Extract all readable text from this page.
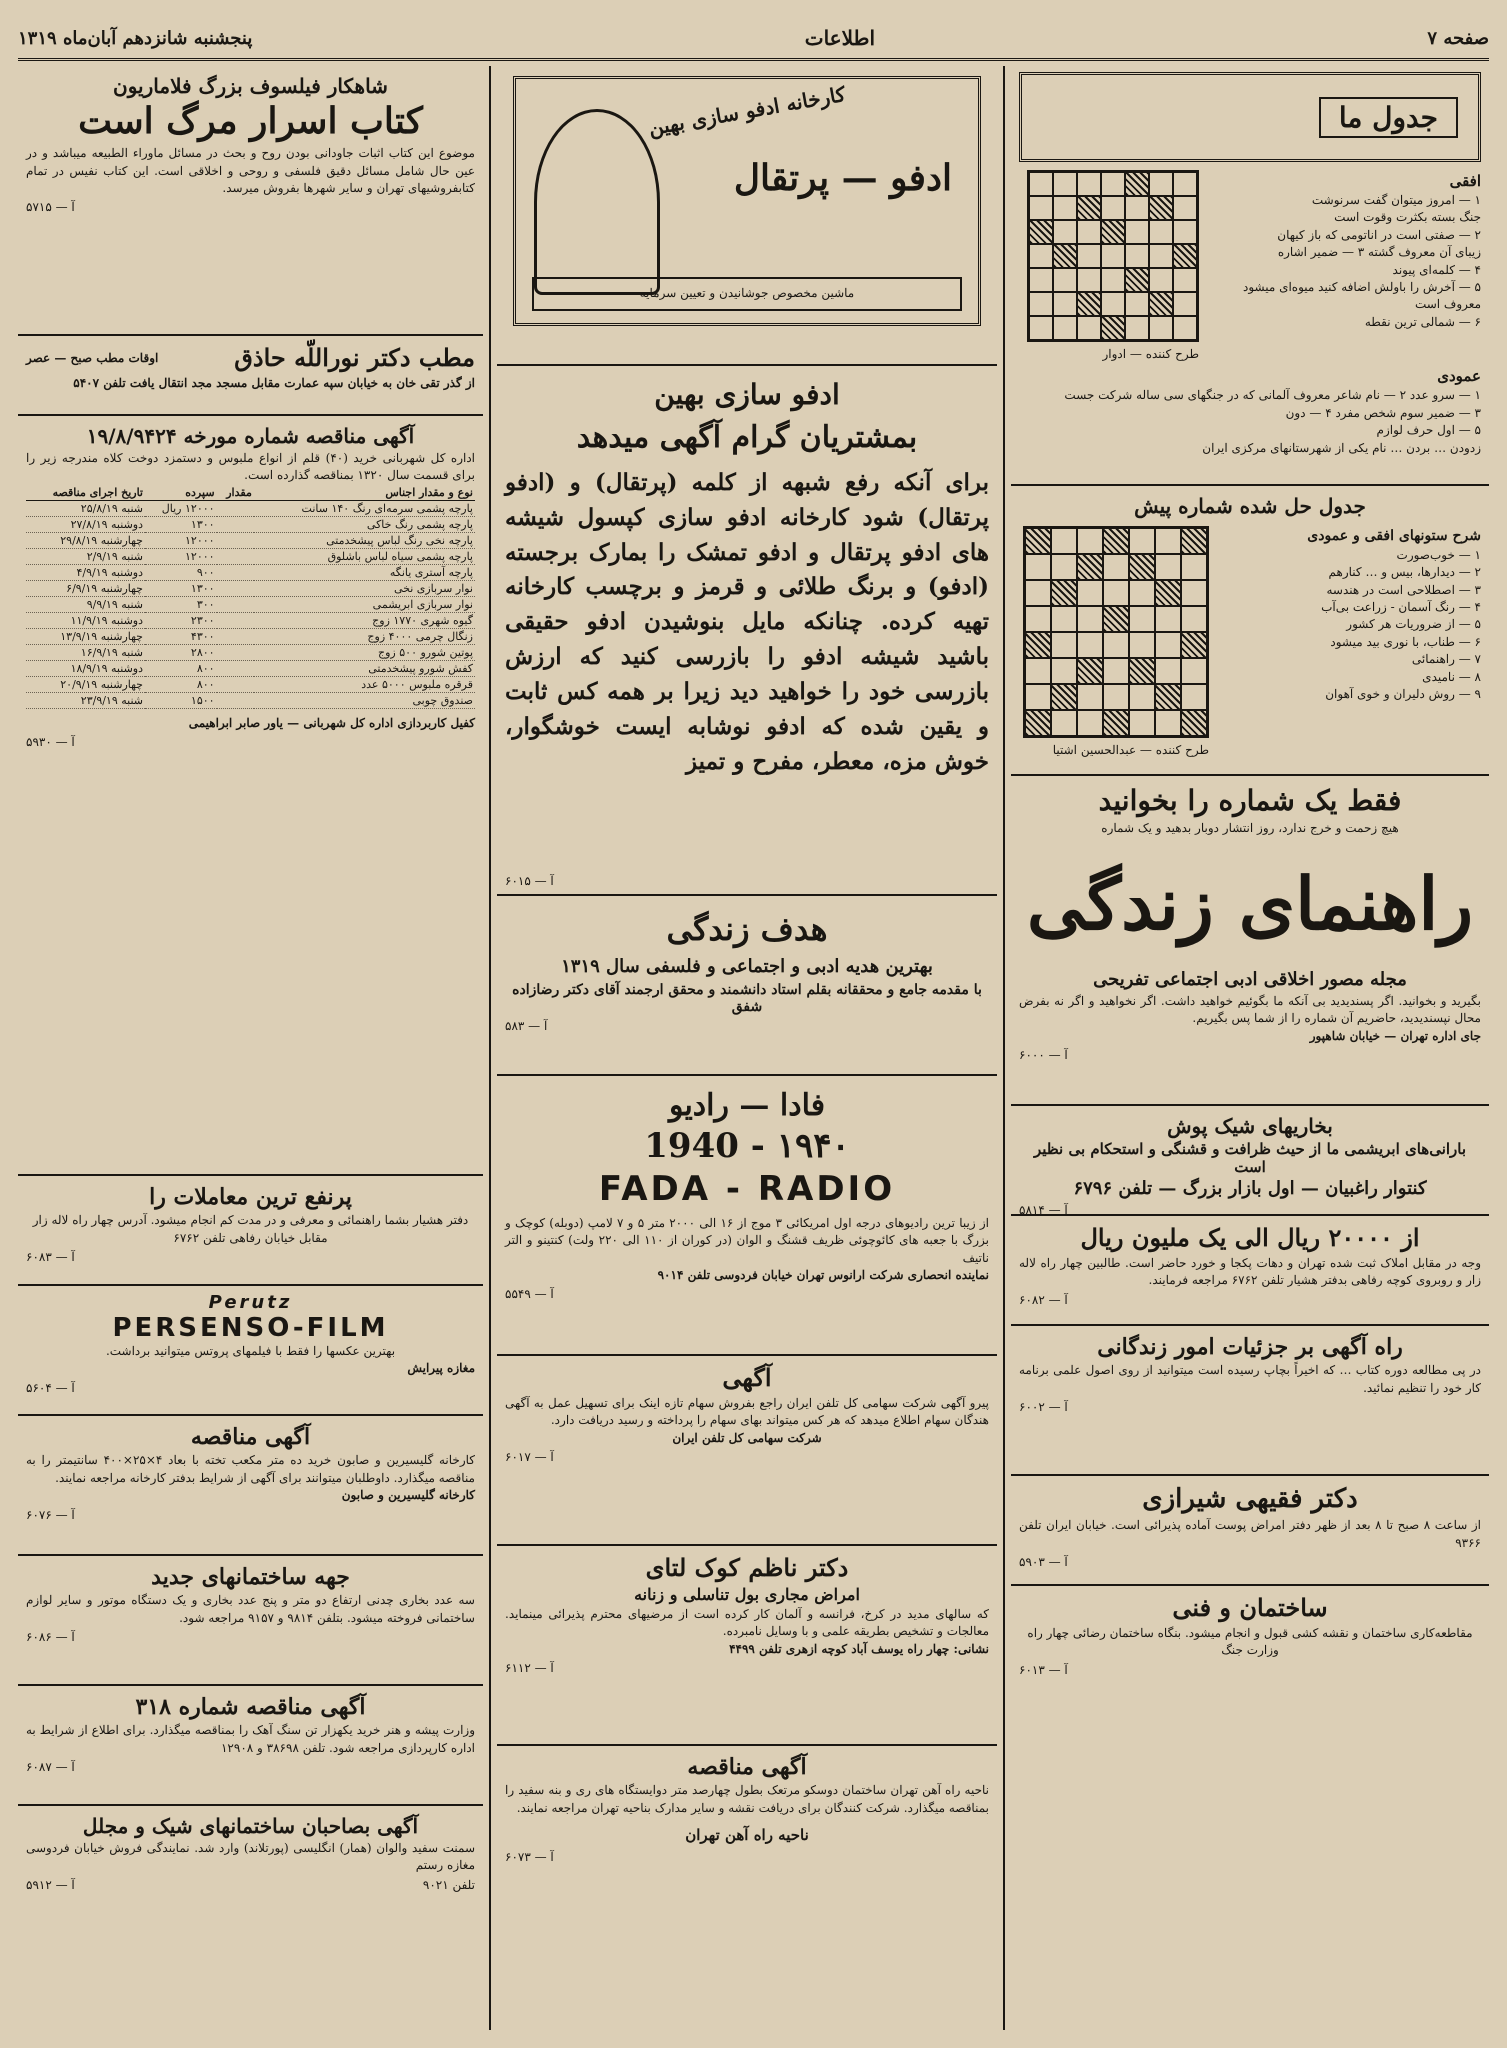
صفحه ۷
اطلاعات
پنجشنبه شانزدهم آبان‌ماه ۱۳۱۹
جدول ما
افقی
۱ — امروز میتوان گفت سرنوشت
جنگ بسته بکثرت وقوت است
۲ — صفتی است در اناتومی که باز کیهان
زیبای آن معروف گشته ۳ — ضمیر اشاره
۴ — کلمه‌ای پیوند
۵ — آخرش را باولش اضافه کنید میوه‌ای میشود
معروف است
۶ — شمالی ترین نقطه
طرح کننده — ادوار
عمودی
۱ — سرو عدد ۲ — نام شاعر معروف آلمانی که در جنگهای سی ساله شرکت جست
۳ — ضمیر سوم شخص مفرد ۴ — دون
۵ — اول حرف لوازم
زدودن … بردن … نام یکی از شهرستانهای مرکزی ایران
جدول حل شده شماره پیش
شرح ستونهای افقی و عمودی
۱ — خوب‌صورت
۲ — دیدارها، بیس و … کنارهم
۳ — اصطلاحی است در هندسه
۴ — رنگ آسمان - زراعت بی‌آب
۵ — از ضروریات هر کشور
۶ — طناب، با نوری بید میشود
۷ — راهنمائی
۸ — نامیدی
۹ — روش دلیران و خوی آهوان
طرح کننده — عبدالحسین اشتیا
فقط یک شماره را بخوانید
هیچ زحمت و خرج ندارد، روز انتشار دوبار بدهید و یک شماره
راهنمای زندگی
مجله مصور اخلاقی ادبی اجتماعی تفریحی
بگیرید و بخوانید. اگر پسندیدید بی آنکه ما بگوئیم خواهید داشت. اگر نخواهید و اگر نه بفرض محال نپسندیدید، حاضریم آن شماره را از شما پس بگیریم.
جای اداره تهران — خیابان شاهپور
آ — ۶۰۰۰
بخاریهای شیک پوش
بارانی‌های ابریشمی ما از حیث ظرافت و قشنگی و استحکام بی نظیر است
کنتوار راغبیان — اول بازار بزرگ — تلفن ۶۷۹۶
آ — ۵۸۱۴
از ۲۰۰۰۰ ریال الی یک ملیون ریال
وجه در مقابل املاک ثبت شده تهران و دهات پکجا و خورد حاضر است. طالبین چهار راه لاله زار و روبروی کوچه رفاهی بدفتر هشیار تلفن ۶۷۶۲ مراجعه فرمایند.
آ — ۶۰۸۲
راه آگهی بر جزئیات امور زندگانی
در پی مطالعه دوره کتاب … که اخیراً بچاپ رسیده است میتوانید از روی اصول علمی برنامه کار خود را تنظیم نمائید.
آ — ۶۰۰۲
دکتر فقیهی شیرازی
از ساعت ۸ صبح تا ۸ بعد از ظهر دفتر امراض پوست آماده پذیرائی است. خیابان ایران تلفن ۹۳۶۶
آ — ۵۹۰۳
ساختمان و فنی
مقاطعه‌کاری ساختمان و نقشه کشی قبول و انجام میشود. بنگاه ساختمان رضائی چهار راه وزارت جنگ
آ — ۶۰۱۳
کارخانه ادفو سازی بهین
ادفو — پرتقال
ماشین مخصوص جوشانیدن و تعیین سرمایه
ادفو سازی بهین
بمشتریان گرام آگهی میدهد
برای آنکه رفع شبهه از کلمه (پرتقال) و (ادفو پرتقال) شود کارخانه ادفو سازی کپسول شیشه های ادفو پرتقال و ادفو تمشک را بمارک برجسته (ادفو) و برنگ طلائی و قرمز و برچسب کارخانه تهیه کرده. چنانکه مایل بنوشیدن ادفو حقیقی باشید شیشه ادفو را بازرسی کنید که ارزش بازرسی خود را خواهید دید زیرا بر همه کس ثابت و یقین شده که ادفو نوشابه ایست خوشگوار، خوش مزه، معطر، مفرح و تمیز
آ — ۶۰۱۵
هدف زندگی
بهترین هدیه ادبی و اجتماعی و فلسفی سال ۱۳۱۹
با مقدمه جامع و محققانه بقلم استاد دانشمند و محقق ارجمند آقای دکتر رضازاده شفق
آ — ۵۸۳
فادا — رادیو
۱۹۴۰ - 1940
FADA - RADIO
از زیبا ترین رادیوهای درجه اول امریکائی ۳ موج از ۱۶ الی ۲۰۰۰ متر ۵ و ۷ لامپ (دوبله) کوچک و بزرگ با جعبه های کائوچوئی ظریف قشنگ و الوان (در کوران از ۱۱۰ الی ۲۲۰ ولت) کنتینو و التر ناتیف
نماینده انحصاری شرکت ارانوس تهران خیابان فردوسی تلفن ۹۰۱۴
آ — ۵۵۴۹
آگهی
پیرو آگهی شرکت سهامی کل تلفن ایران راجع بفروش سهام تازه اینک برای تسهیل عمل به آگهی هندگان سهام اطلاع میدهد که هر کس میتواند بهای سهام را پرداخته و رسید دریافت دارد.
شرکت سهامی کل تلفن ایران
آ — ۶۰۱۷
دکتر ناظم کوک لتای
امراض مجاری بول تناسلی و زنانه
که سالهای مدید در کرخ، فرانسه و آلمان کار کرده است از مرضیهای محترم پذیرائی مینماید. معالجات و تشخیص بطریقه علمی و با وسایل نامبرده.
نشانی: چهار راه یوسف آباد کوچه ازهری تلفن ۴۴۹۹
آ — ۶۱۱۲
آگهی مناقصه
ناحیه راه آهن تهران ساختمان دوسکو مرتعک بطول چهارصد متر دوایستگاه های ری و بنه سفید را بمناقصه میگذارد. شرکت کنندگان برای دریافت نقشه و سایر مدارک بناحیه تهران مراجعه نمایند.
ناحیه راه آهن تهران
آ — ۶۰۷۳
شاهکار فیلسوف بزرگ فلاماریون
کتاب اسرار مرگ است
موضوع این کتاب اثبات جاودانی بودن روح و بحث در مسائل ماوراء الطبیعه میباشد و در عین حال شامل مسائل دقیق فلسفی و روحی و اخلاقی است. این کتاب نفیس در تمام کتابفروشیهای تهران و سایر شهرها بفروش میرسد.
آ — ۵۷۱۵
مطب دکتر نوراللّه حاذق
اوقات مطب صبح — عصر
از گذر تقی خان به خیابان سپه عمارت مقابل مسجد مجد انتقال یافت تلفن ۵۴۰۷
آگهی مناقصه شماره مورخه ۱۹/۸/۹۴۲۴
اداره کل شهربانی خرید (۴۰) قلم از انواع ملبوس و دستمزد دوخت کلاه مندرجه زیر را برای قسمت سال ۱۳۲۰ بمناقصه گذارده است.
نوع و مقدار اجناس	مقدار	سپرده	تاریخ اجرای مناقصه
پارچه پشمی سرمه‌ای رنگ ۱۴۰ سانت		۱۲۰۰۰ ریال	شنبه ۲۵/۸/۱۹
پارچه پشمی رنگ خاکی		۱۳۰۰	دوشنبه ۲۷/۸/۱۹
پارچه نخی رنگ لباس پیشخدمتی		۱۲۰۰۰	چهارشنبه ۲۹/۸/۱۹
پارچه پشمی سیاه لباس باشلوق		۱۲۰۰۰	شنبه ۲/۹/۱۹
پارچه آستری یانگه		۹۰۰	دوشنبه ۴/۹/۱۹
نوار سربازی نخی		۱۳۰۰	چهارشنبه ۶/۹/۱۹
نوار سربازی ابریشمی		۳۰۰	شنبه ۹/۹/۱۹
گیوه شهری ۱۷۷۰ زوج		۲۳۰۰	دوشنبه ۱۱/۹/۱۹
زنگال چرمی ۴۰۰۰ زوج		۴۳۰۰	چهارشنبه ۱۳/۹/۱۹
پوتین شورو ۵۰۰ زوج		۲۸۰۰	شنبه ۱۶/۹/۱۹
کفش شورو پیشخدمتی		۸۰۰	دوشنبه ۱۸/۹/۱۹
قرقره ملبوس ۵۰۰۰ عدد		۸۰۰	چهارشنبه ۲۰/۹/۱۹
صندوق چوبی		۱۵۰۰	شنبه ۲۳/۹/۱۹
کفیل کاربردازی اداره کل شهربانی — یاور صابر ابراهیمی
آ — ۵۹۳۰
پرنفع ترین معاملات را
دفتر هشیار بشما راهنمائی و معرفی و در مدت کم انجام میشود. آدرس چهار راه لاله زار مقابل خیابان رفاهی تلفن ۶۷۶۲
آ — ۶۰۸۳
Perutz
PERSENSO-FILM
بهترین عکسها را فقط با فیلمهای پروتس میتوانید برداشت.
مغازه پیرایش
آ — ۵۶۰۴
آگهی مناقصه
کارخانه گلیسیرین و صابون خرید ده متر مکعب تخته با بعاد ۴×۲۵×۴۰۰ سانتیمتر را به مناقصه میگذارد. داوطلبان میتوانند برای آگهی از شرایط بدفتر کارخانه مراجعه نمایند.
کارخانه گلیسیرین و صابون
آ — ۶۰۷۶
جهه ساختمانهای جدید
سه عدد بخاری چدنی ارتفاع دو متر و پنج عدد بخاری و یک دستگاه موتور و سایر لوازم ساختمانی فروخته میشود. بتلفن ۹۸۱۴ و ۹۱۵۷ مراجعه شود.
آ — ۶۰۸۶
آگهی مناقصه شماره ۳۱۸
وزارت پیشه و هنر خرید یکهزار تن سنگ آهک را بمناقصه میگذارد. برای اطلاع از شرایط به اداره کارپردازی مراجعه شود. تلفن ۳۸۶۹۸ و ۱۲۹۰۸
آ — ۶۰۸۷
آگهی بصاحبان ساختمانهای شیک و مجلل
سمنت سفید والوان (همار) انگلیسی (پورتلاند) وارد شد. نمایندگی فروش خیابان فردوسی مغازه رستم
آ — ۵۹۱۲	تلفن ۹۰۲۱
